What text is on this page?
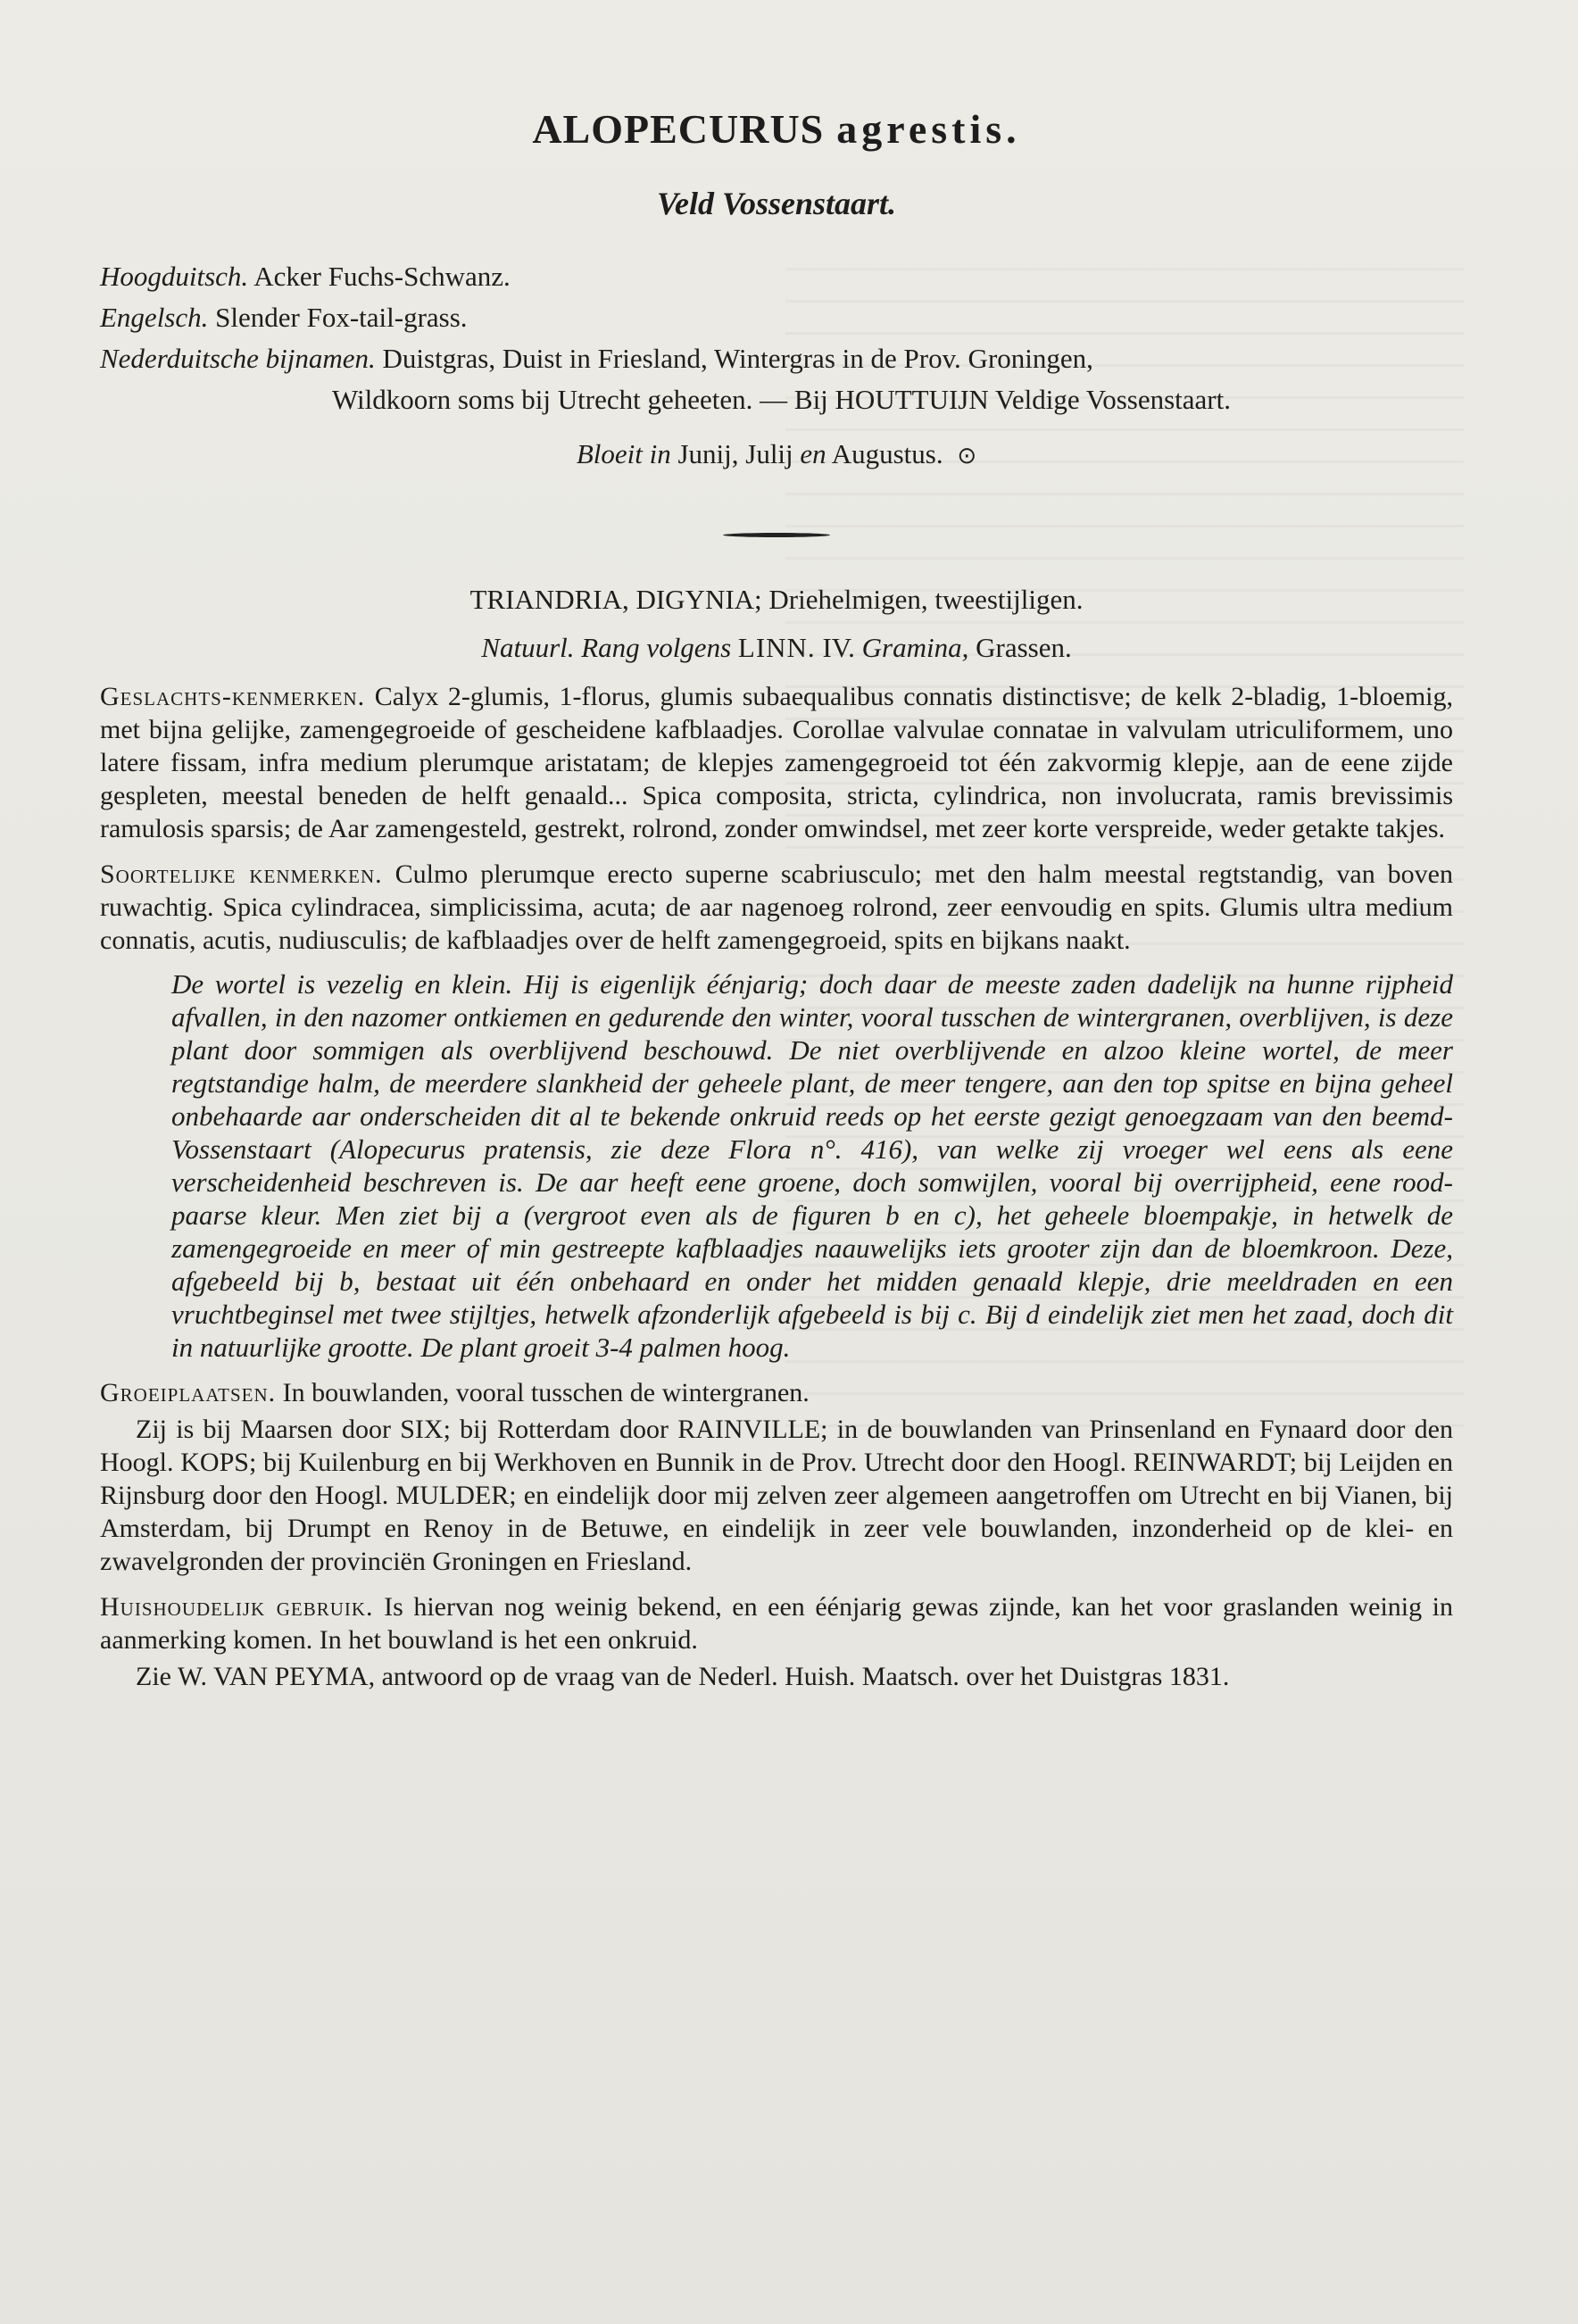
ALOPECURUS agrestis.
Veld Vossenstaart.
Hoogduitsch. Acker Fuchs-Schwanz.
Engelsch. Slender Fox-tail-grass.
Nederduitsche bijnamen. Duistgras, Duist in Friesland, Wintergras in de Prov. Groningen,
Wildkoorn soms bij Utrecht geheeten. — Bij HOUTTUIJN Veldige Vossenstaart.
Bloeit in Junij, Julij en Augustus. ⊙
TRIANDRIA, DIGYNIA; Driehelmigen, tweestijligen.
Natuurl. Rang volgens LINN. IV. Gramina, Grassen.

Geslachts-kenmerken. Calyx 2-glumis, 1-florus, glumis subaequalibus connatis distinctisve; de kelk 2-bladig, 1-bloemig, met bijna gelijke, zamengegroeide of gescheidene kafblaadjes. Corollae valvulae connatae in valvulam utriculiformem, uno latere fissam, infra medium plerumque aristatam; de klepjes zamengegroeid tot één zakvormig klepje, aan de eene zijde gespleten, meestal beneden de helft genaald... Spica composita, stricta, cylindrica, non involucrata, ramis brevissimis ramulosis sparsis; de Aar zamengesteld, gestrekt, rolrond, zonder omwindsel, met zeer korte verspreide, weder getakte takjes.

Soortelijke kenmerken. Culmo plerumque erecto superne scabriusculo; met den halm meestal regtstandig, van boven ruwachtig. Spica cylindracea, simplicissima, acuta; de aar nagenoeg rolrond, zeer eenvoudig en spits. Glumis ultra medium connatis, acutis, nudiusculis; de kafblaadjes over de helft zamengegroeid, spits en bijkans naakt.

De wortel is vezelig en klein. Hij is eigenlijk éénjarig; doch daar de meeste zaden dadelijk na hunne rijpheid afvallen, in den nazomer ontkiemen en gedurende den winter, vooral tusschen de wintergranen, overblijven, is deze plant door sommigen als overblijvend beschouwd. De niet overblijvende en alzoo kleine wortel, de meer regtstandige halm, de meerdere slankheid der geheele plant, de meer tengere, aan den top spitse en bijna geheel onbehaarde aar onderscheiden dit al te bekende onkruid reeds op het eerste gezigt genoegzaam van den beemd-Vossenstaart (Alopecurus pratensis, zie deze Flora n°. 416), van welke zij vroeger wel eens als eene verscheidenheid beschreven is. De aar heeft eene groene, doch somwijlen, vooral bij overrijpheid, eene rood-paarse kleur. Men ziet bij a (vergroot even als de figuren b en c), het geheele bloempakje, in hetwelk de zamengegroeide en meer of min gestreepte kafblaadjes naauwelijks iets grooter zijn dan de bloemkroon. Deze, afgebeeld bij b, bestaat uit één onbehaard en onder het midden genaald klepje, drie meeldraden en een vruchtbeginsel met twee stijltjes, hetwelk afzonderlijk afgebeeld is bij c. Bij d eindelijk ziet men het zaad, doch dit in natuurlijke grootte. De plant groeit 3-4 palmen hoog.

Groeiplaatsen. In bouwlanden, vooral tusschen de wintergranen.

Zij is bij Maarsen door SIX; bij Rotterdam door RAINVILLE; in de bouwlanden van Prinsenland en Fynaard door den Hoogl. KOPS; bij Kuilenburg en bij Werkhoven en Bunnik in de Prov. Utrecht door den Hoogl. REINWARDT; bij Leijden en Rijnsburg door den Hoogl. MULDER; en eindelijk door mij zelven zeer algemeen aangetroffen om Utrecht en bij Vianen, bij Amsterdam, bij Drumpt en Renoy in de Betuwe, en eindelijk in zeer vele bouwlanden, inzonderheid op de klei- en zwavelgronden der provinciën Groningen en Friesland.

Huishoudelijk gebruik. Is hiervan nog weinig bekend, en een éénjarig gewas zijnde, kan het voor graslanden weinig in aanmerking komen. In het bouwland is het een onkruid.

Zie W. VAN PEYMA, antwoord op de vraag van de Nederl. Huish. Maatsch. over het Duistgras 1831.
